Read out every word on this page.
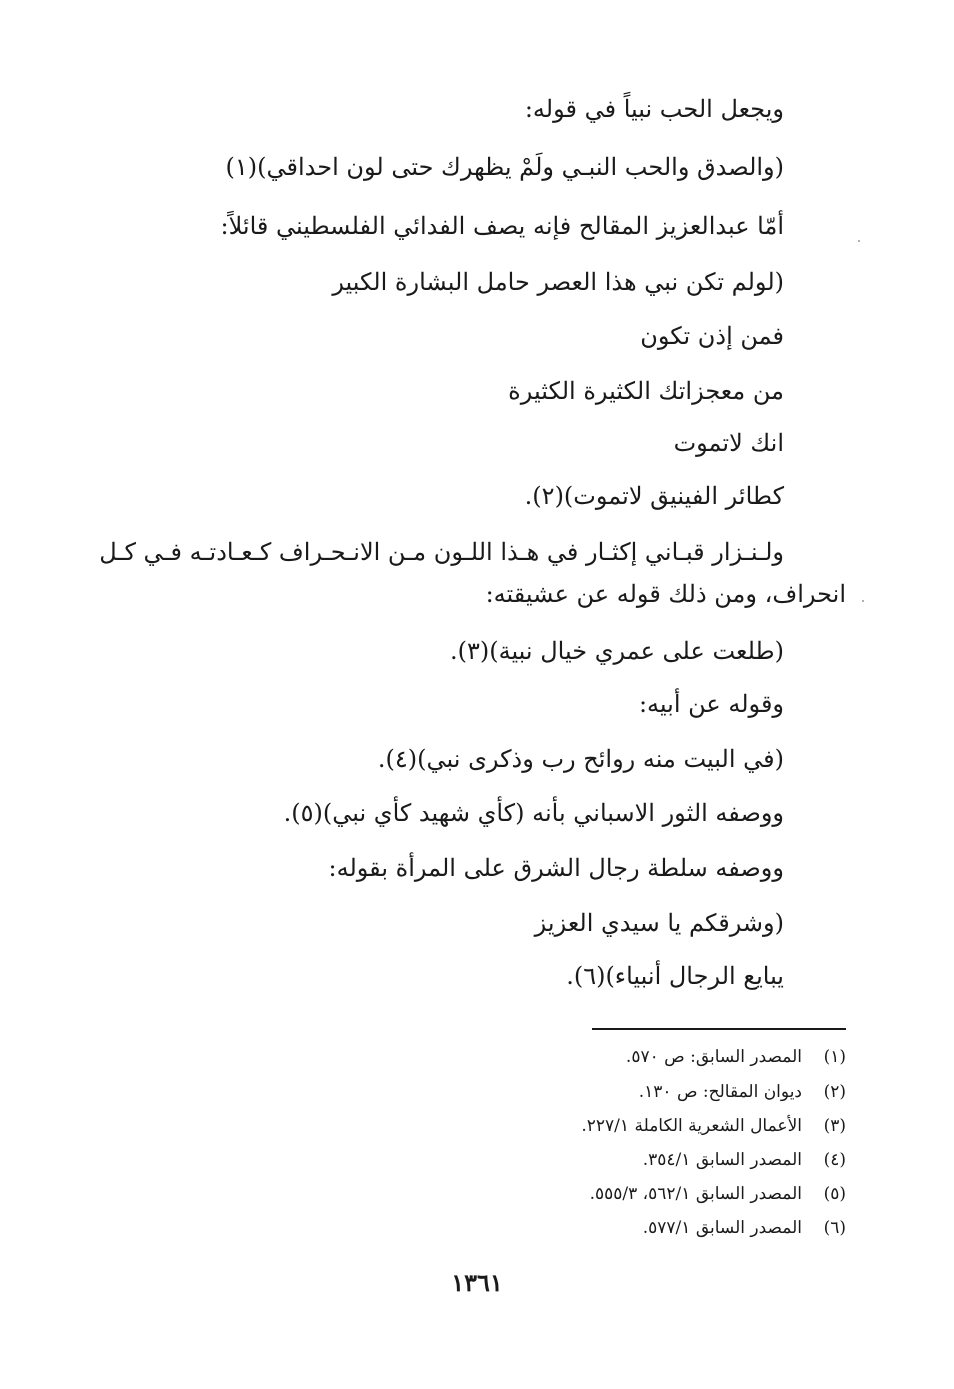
ويجعل الحب نبياً في قوله:
(والصدق والحب النبـي ولَمْ يظهرك حتى لون احداقي)(١)
أمّا عبدالعزيز المقالح فإنه يصف الفدائي الفلسطيني قائلاً:
(لولم تكن نبي هذا العصر حامل البشارة الكبير
فمن إذن تكون
من معجزاتك الكثيرة الكثيرة
انك لاتموت
كطائر الفينيق لاتموت)(٢).
ولـنـزار قبـاني إكثـار في هـذا اللـون مـن الانـحـراف كـعـادتـه فـي كـل
انحراف، ومن ذلك قوله عن عشيقته:
(طلعت على عمري خيال نبية)(٣).
وقوله عن أبيه:
(في البيت منه روائح رب وذكرى نبي)(٤).
ووصفه الثور الاسباني بأنه (كأي شهيد كأي نبي)(٥).
ووصفه سلطة رجال الشرق على المرأة بقوله:
(وشرقكم يا سيدي العزيز
يبايع الرجال أنبياء)(٦).
(١)المصدر السابق: ص ٥٧٠.
(٢)ديوان المقالح: ص ١٣٠.
(٣)الأعمال الشعرية الكاملة ٢٢٧/١.
(٤)المصدر السابق ٣٥٤/١.
(٥)المصدر السابق ٥٦٢/١، ٥٥٥/٣.
(٦)المصدر السابق ٥٧٧/١.
١٣٦١
